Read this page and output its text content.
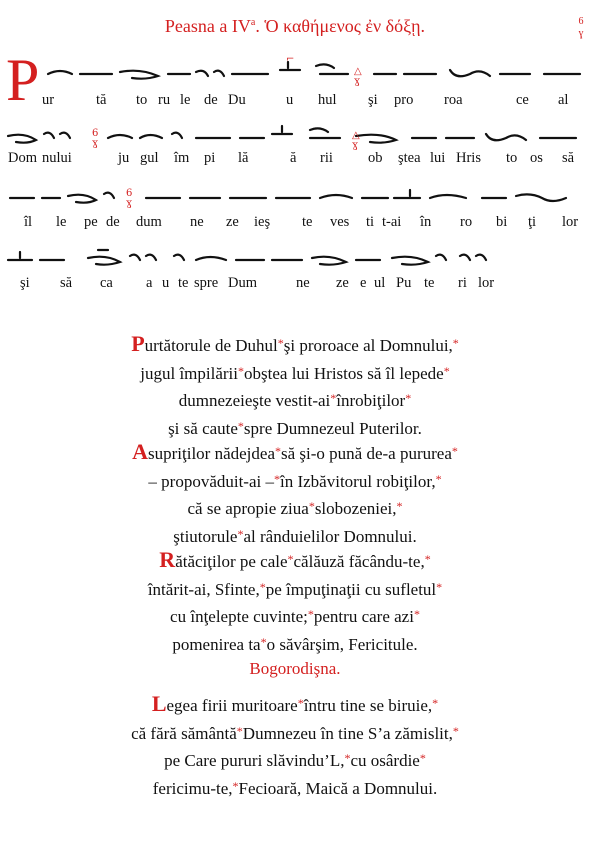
Peasna a $IV^a$. Ὁ καθήμενος ἐν δόξῃ.	6
ɣ
P	⌐
△
ɣ
ur	tă to ru le de Du	u hul şi pro roa	ce al
6
ɣ
△
ɣ
Dom nului	ju gul îm pi lă	ă rii ob ştea lui Hris to os să
6
ɣ
îl le pe de dum ne ze ieş te ves ti t-ai în ro bi ţi lor
şi să ca a u te spre Dum	ne ze e ul Pu te ri lor

Purtătorule de Duhul*şi proroace al Domnului,*

jugul împilării*obştea lui Hristos să îl lepede*

dumnezeieşte vestit-ai*înrobiţilor*

şi să caute*spre Dumnezeul Puterilor.

Asupriţilor nădejdea*să şi-o pună de-a pururea*

– propovăduit-ai –*în Izbăvitorul robiţilor,*

că se apropie ziua*slobozeniei,*

ştiutorule*al rânduielilor Domnului.

Rătăciţilor pe cale*călăuză făcându-te,*

întărit-ai, Sfinte,*pe împuţinaţii cu sufletul*

cu înţelepte cuvinte;*pentru care azi*

pomenirea ta*o săvârşim, Fericitule.

Bogorodişna.

Legea firii muritoare*întru tine se biruie,*

că fără sământă*Dumnezeu în tine S’a zămislit,*

pe Care pururi slăvindu’L,*cu osârdie*

fericimu-te,*Fecioară, Maică a Domnului.
